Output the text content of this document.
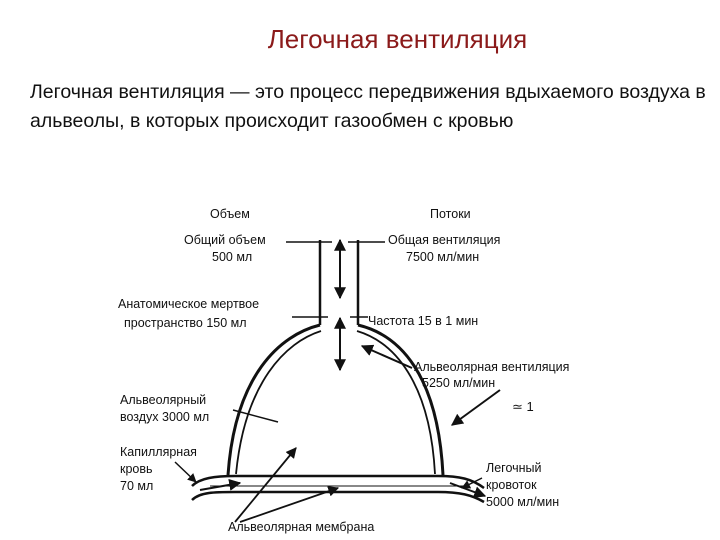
Легочная вентиляция
Легочная вентиляция — это процесс передвижения вдыхаемого воздуха в альвеолы, в которых происходит газообмен с кровью
Объем	Потоки
Общий объем
500 мл
Общая вентиляция
7500 мл/мин
Анатомическое мертвое
пространство 150 мл	Частота 15 в 1 мин
Альвеолярная вентиляция
5250 мл/мин
Альвеолярный
воздух 3000 мл
≃ 1
Капиллярная
кровь
70 мл
Легочный
кровоток
5000 мл/мин
Альвеолярная мембрана
